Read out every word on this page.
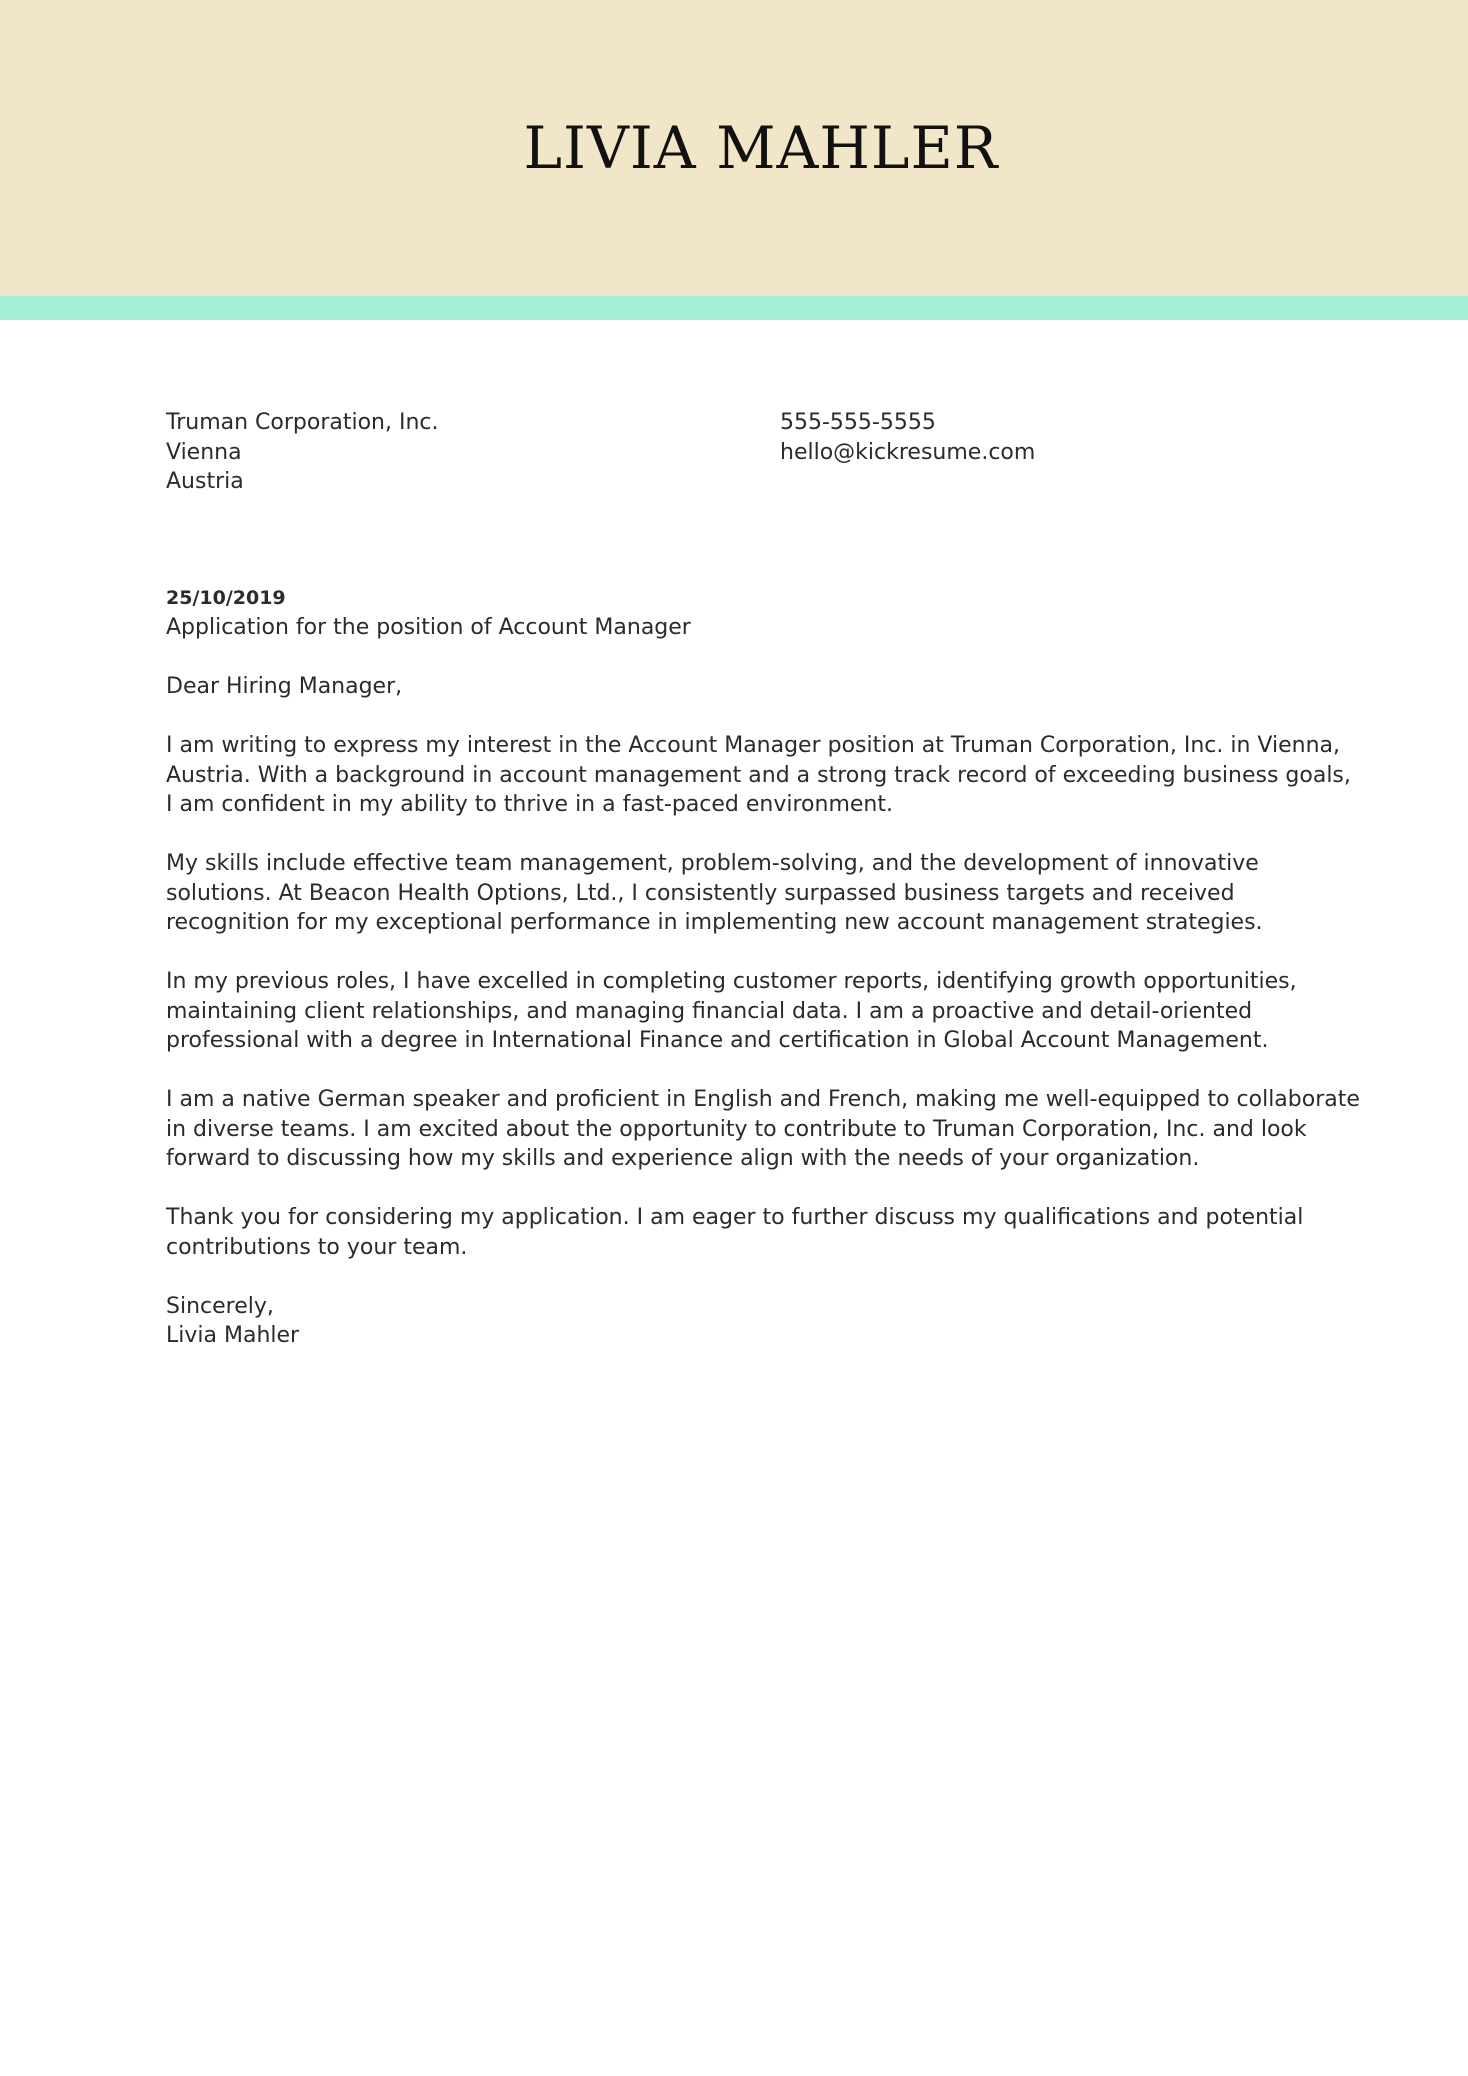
LIVIA MAHLER
Truman Corporation, Inc.
Vienna
Austria
555-555-5555
hello@kickresume.com
25/10/2019

Application for the position of Account Manager

Dear Hiring Manager,

I am writing to express my interest in the Account Manager position at Truman Corporation, Inc. in Vienna, Austria. With a background in account management and a strong track record of exceeding business goals, I am confident in my ability to thrive in a fast-paced environment.

My skills include effective team management, problem-solving, and the development of innovative solutions. At Beacon Health Options, Ltd., I consistently surpassed business targets and received recognition for my exceptional performance in implementing new account management strategies.

In my previous roles, I have excelled in completing customer reports, identifying growth opportunities, maintaining client relationships, and managing financial data. I am a proactive and detail-oriented professional with a degree in International Finance and certification in Global Account Management.

I am a native German speaker and proficient in English and French, making me well-equipped to collaborate in diverse teams. I am excited about the opportunity to contribute to Truman Corporation, Inc. and look forward to discussing how my skills and experience align with the needs of your organization.

Thank you for considering my application. I am eager to further discuss my qualifications and potential contributions to your team.

Sincerely,
Livia Mahler
